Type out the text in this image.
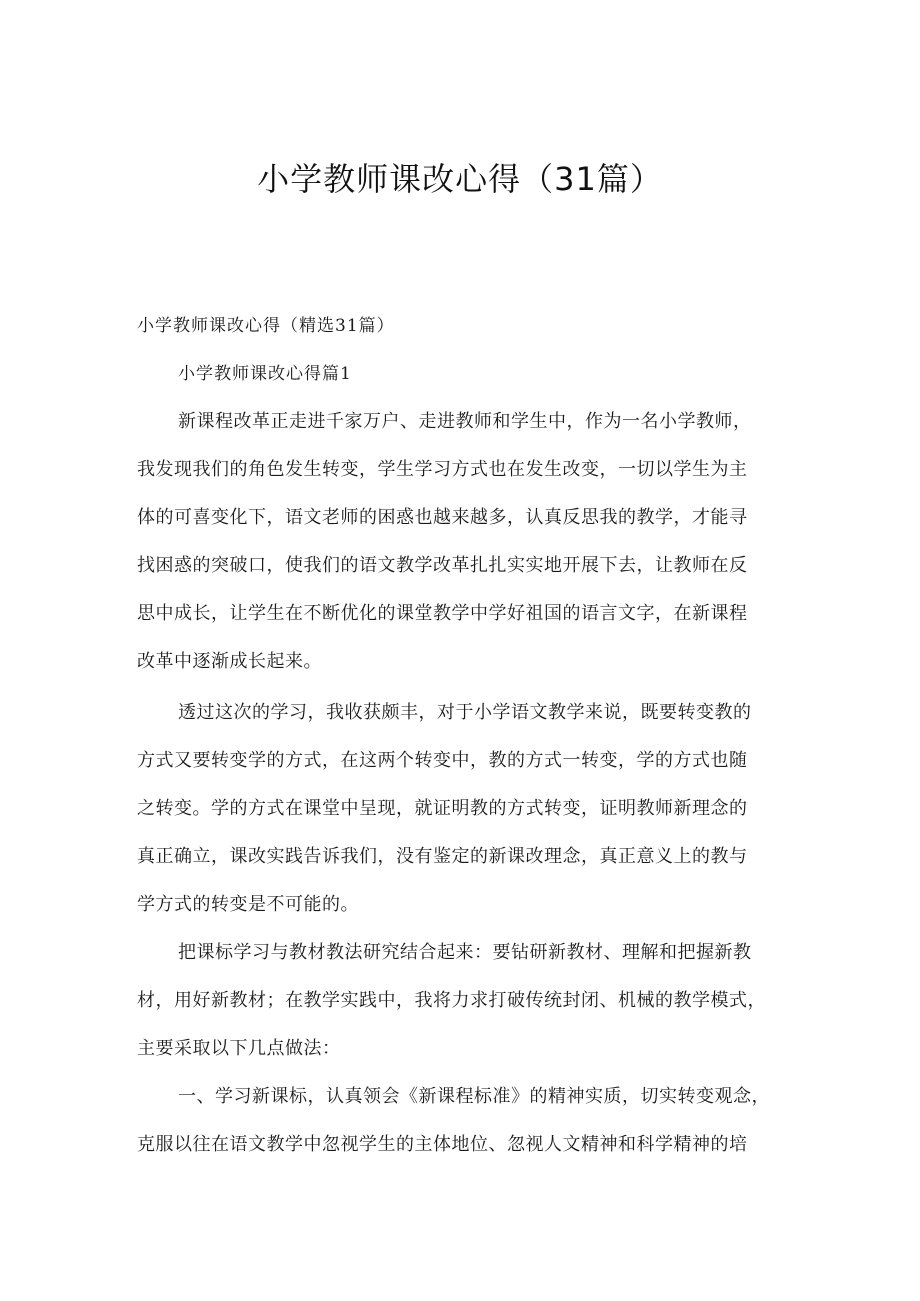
小学教师课改心得（31篇）
小学教师课改心得（精选31篇）
小学教师课改心得篇1

新课程改革正走进千家万户、走进教师和学生中，作为一名小学教师，
我发现我们的角色发生转变，学生学习方式也在发生改变，一切以学生为主
体的可喜变化下，语文老师的困惑也越来越多，认真反思我的教学，才能寻
找困惑的突破口，使我们的语文教学改革扎扎实实地开展下去，让教师在反
思中成长，让学生在不断优化的课堂教学中学好祖国的语言文字，在新课程
改革中逐渐成长起来。

透过这次的学习，我收获颇丰，对于小学语文教学来说，既要转变教的
方式又要转变学的方式，在这两个转变中，教的方式一转变，学的方式也随
之转变。学的方式在课堂中呈现，就证明教的方式转变，证明教师新理念的
真正确立，课改实践告诉我们，没有鉴定的新课改理念，真正意义上的教与
学方式的转变是不可能的。

把课标学习与教材教法研究结合起来：要钻研新教材、理解和把握新教
材，用好新教材；在教学实践中，我将力求打破传统封闭、机械的教学模式，
主要采取以下几点做法：

一、学习新课标，认真领会《新课程标准》的精神实质，切实转变观念，
克服以往在语文教学中忽视学生的主体地位、忽视人文精神和科学精神的培
